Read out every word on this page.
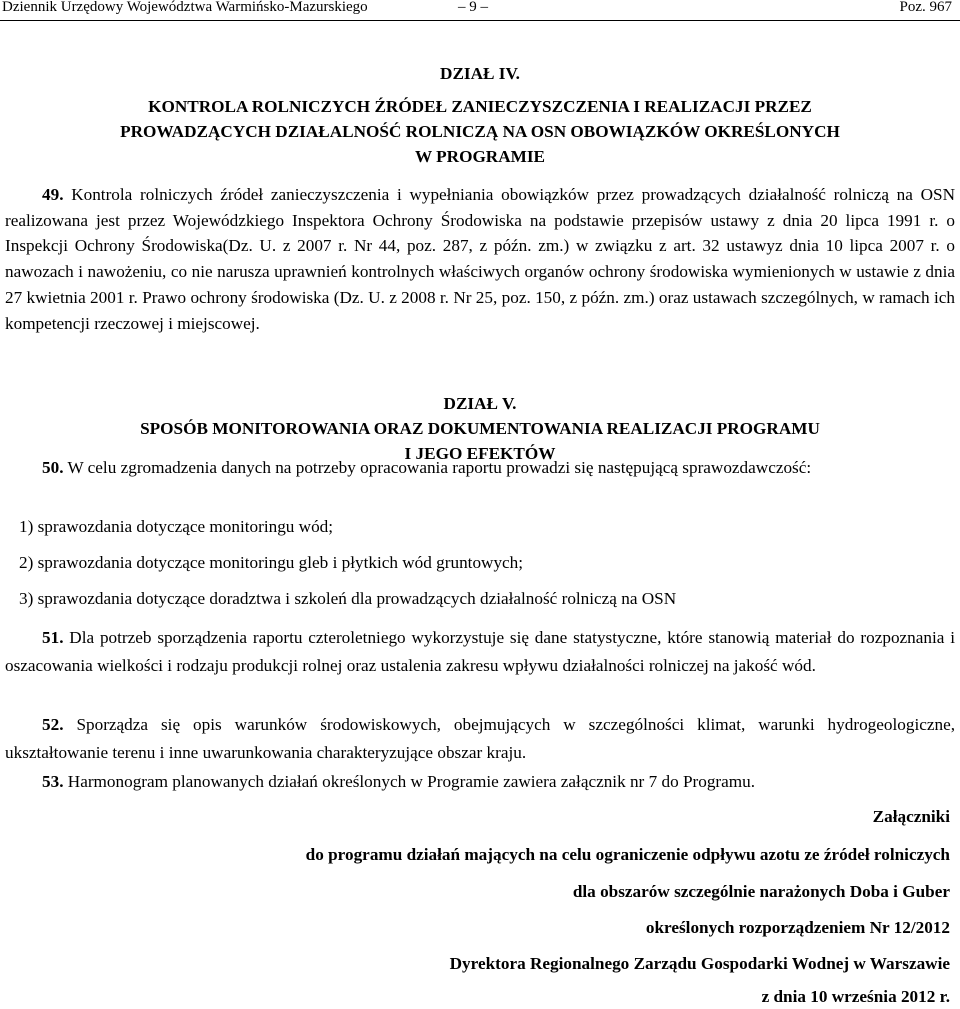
Dziennik Urzędowy Województwa Warmińsko-Mazurskiego	– 9 –	Poz. 967
DZIAŁ IV.
KONTROLA ROLNICZYCH ŹRÓDEŁ ZANIECZYSZCZENIA I REALIZACJI PRZEZ
PROWADZĄCYCH DZIAŁALNOŚĆ ROLNICZĄ NA OSN OBOWIĄZKÓW OKREŚLONYCH
W PROGRAMIE
49. Kontrola rolniczych źródeł zanieczyszczenia i wypełniania obowiązków przez prowadzących działalność rolniczą na OSN realizowana jest przez Wojewódzkiego Inspektora Ochrony Środowiska na podstawie przepisów ustawy z dnia 20 lipca 1991 r. o Inspekcji Ochrony Środowiska(Dz. U. z 2007 r. Nr 44, poz. 287, z późn. zm.) w związku z art. 32 ustawyz dnia 10 lipca 2007 r. o nawozach i nawożeniu, co nie narusza uprawnień kontrolnych właściwych organów ochrony środowiska wymienionych w ustawie z dnia 27 kwietnia 2001 r. Prawo ochrony środowiska (Dz. U. z 2008 r. Nr 25, poz. 150, z późn. zm.) oraz ustawach szczególnych, w ramach ich kompetencji rzeczowej i miejscowej.
DZIAŁ V.
SPOSÓB MONITOROWANIA ORAZ DOKUMENTOWANIA REALIZACJI PROGRAMU
I JEGO EFEKTÓW
50. W celu zgromadzenia danych na potrzeby opracowania raportu prowadzi się następującą sprawozdawczość:
1) sprawozdania dotyczące monitoringu wód;
2) sprawozdania dotyczące monitoringu gleb i płytkich wód gruntowych;
3) sprawozdania dotyczące doradztwa i szkoleń dla prowadzących działalność rolniczą na OSN
51. Dla potrzeb sporządzenia raportu czteroletniego wykorzystuje się dane statystyczne, które stanowią materiał do rozpoznania i oszacowania wielkości i rodzaju produkcji rolnej oraz ustalenia zakresu wpływu działalności rolniczej na jakość wód.
52. Sporządza się opis warunków środowiskowych, obejmujących w szczególności klimat, warunki hydrogeologiczne, ukształtowanie terenu i inne uwarunkowania charakteryzujące obszar kraju.
53. Harmonogram planowanych działań określonych w Programie zawiera załącznik nr 7 do Programu.
Załączniki
do programu działań mających na celu ograniczenie odpływu azotu ze źródeł rolniczych
dla obszarów szczególnie narażonych Doba i Guber
określonych rozporządzeniem Nr 12/2012
Dyrektora Regionalnego Zarządu Gospodarki Wodnej w Warszawie
z dnia 10 września 2012 r.
